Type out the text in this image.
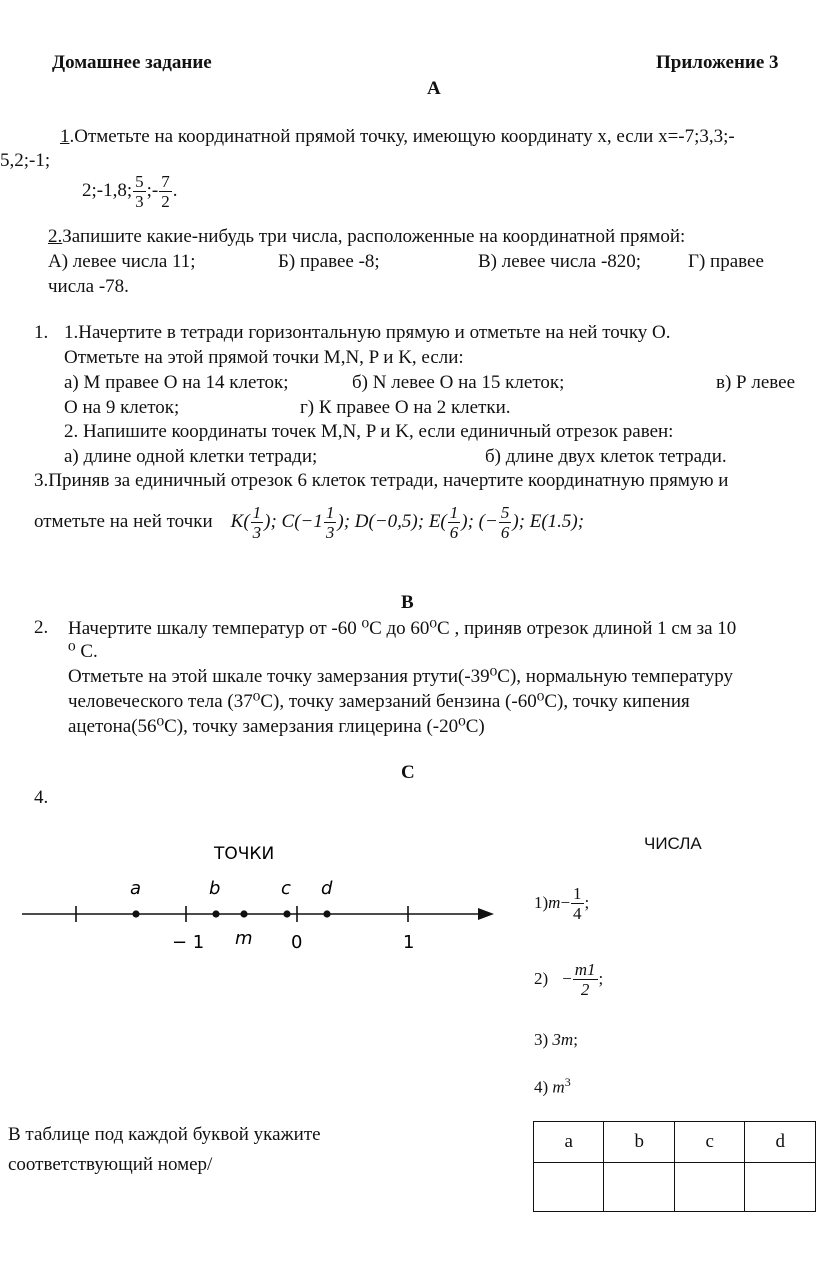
Домашнее задание	Приложение 3
А
1.Отметьте на координатной прямой точку, имеющую координату х, если х=-7;3,3;-
5,2;-1;
2;-1,8; $\frac{5}{3}$ ;- $\frac{7}{2}$ .
2.Запишите какие-нибудь три числа, расположенные на координатной прямой:
А) левее числа 11;	Б) правее -8;	В) левее числа -820; Г) правее
числа -78.
1. 1.Начертите в тетради горизонтальную прямую и отметьте на ней точку О.
Отметьте на этой прямой точки M,N, P и K, если:
а) М правее О на 14 клеток;	б) N левее О на 15 клеток;	в) Р левее
О на 9 клеток;	г) К правее О на 2 клетки.
2. Напишите координаты точек M,N, P и K, если единичный отрезок равен:
а) длине одной клетки тетради;	б) длине двух клеток тетради.
3.Приняв за единичный отрезок 6 клеток тетради, начертите координатную прямую и
отметьте на ней точки $K( \frac{1}{3}$ ); $C(-1 \frac{1}{3}$ ); D(−0,5); $E( \frac{1}{6}$ ); (− $\frac{5}{6}$ ); E(1.5);
В
2. Начертите шкалу температур от -60 ⁰С до 60⁰С , приняв отрезок длиной 1 см за 10
⁰ С.
Отметьте на этой шкале точку замерзания ртути(-39⁰С), нормальную температуру
человеческого тела (37⁰С), точку замерзаний бензина (-60⁰С), точку кипения
ацетона(56⁰С), точку замерзания глицерина (-20⁰С)
С
4.
ТОЧКИ
a	b	c d
− 1 m 0	1
ЧИСЛА
1) $m - \frac{1}{4}$ ;
$2) - \frac{m1}{2}$ ;
3) 3m;
4) $m^3$
В таблице под каждой буквой укажите
соответствующий номер/
a	b	c	d
